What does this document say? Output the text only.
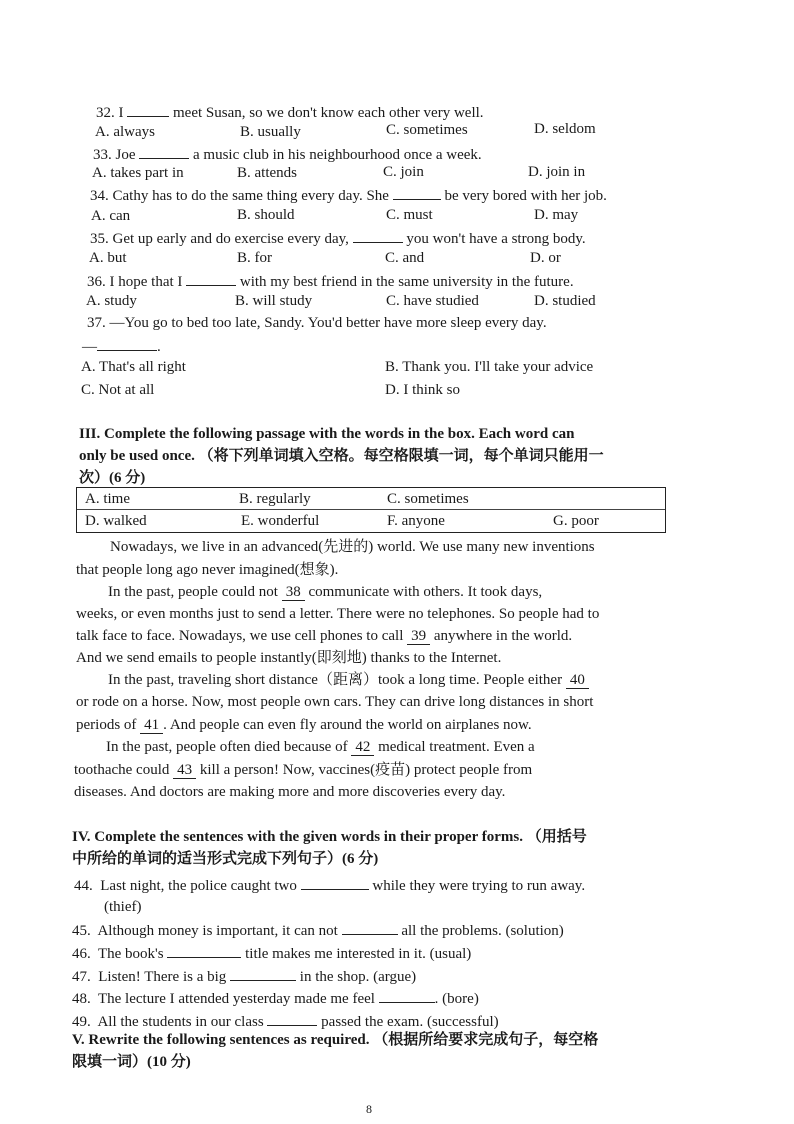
32. I	meet Susan, so we don't know each other very well.
A. always	B. usually	C. sometimes	D. seldom
33. Joe	a music club in his neighbourhood once a week.
A. takes part in	B. attends	C. join	D. join in
34. Cathy has to do the same thing every day. She	be very bored with her job.
A. can	B. should	C. must	D. may
35. Get up early and do exercise every day,	you won't have a strong body.
A. but	B. for	C. and	D. or
36. I hope that I	with my best friend in the same university in the future.
A. study	B. will study	C. have studied	D. studied
37. —You go to bed too late, Sandy. You'd better have more sleep every day.
—	.
A. That's all right	B. Thank you. I'll take your advice
C. Not at all	D. I think so
III. Complete the following passage with the words in the box. Each word can
only be used once. （将下列单词填入空格。每空格限填一词，每个单词只能用一
次）(6 分)
A. time	B. regularly	C. sometimes
D. walked	E. wonderful	F. anyone	G. poor
Nowadays, we live in an advanced(先进的) world. We use many new inventions
that people long ago never imagined(想象).
In the past, people could not 38 communicate with others. It took days,
weeks, or even months just to send a letter. There were no telephones. So people had to
talk face to face. Nowadays, we use cell phones to call 39 anywhere in the world.
And we send emails to people instantly(即刻地) thanks to the Internet.
In the past, traveling short distance（距离）took a long time. People either 40
or rode on a horse. Now, most people own cars. They can drive long distances in short
periods of 41 . And people can even fly around the world on airplanes now.
In the past, people often died because of 42 medical treatment. Even a
toothache could 43 kill a person! Now, vaccines(疫苗) protect people from
diseases. And doctors are making more and more discoveries every day.
IV. Complete the sentences with the given words in their proper forms. （用括号
中所给的单词的适当形式完成下列句子）(6 分)
44. Last night, the police caught two	while they were trying to run away.
(thief)
45. Although money is important, it can not	all the problems. (solution)
46. The book's	title makes me interested in it. (usual)
47. Listen! There is a big	in the shop. (argue)
48. The lecture I attended yesterday made me feel	. (bore)
49. All the students in our class	passed the exam. (successful)
V. Rewrite the following sentences as required. （根据所给要求完成句子，每空格
限填一词）(10 分)
8
